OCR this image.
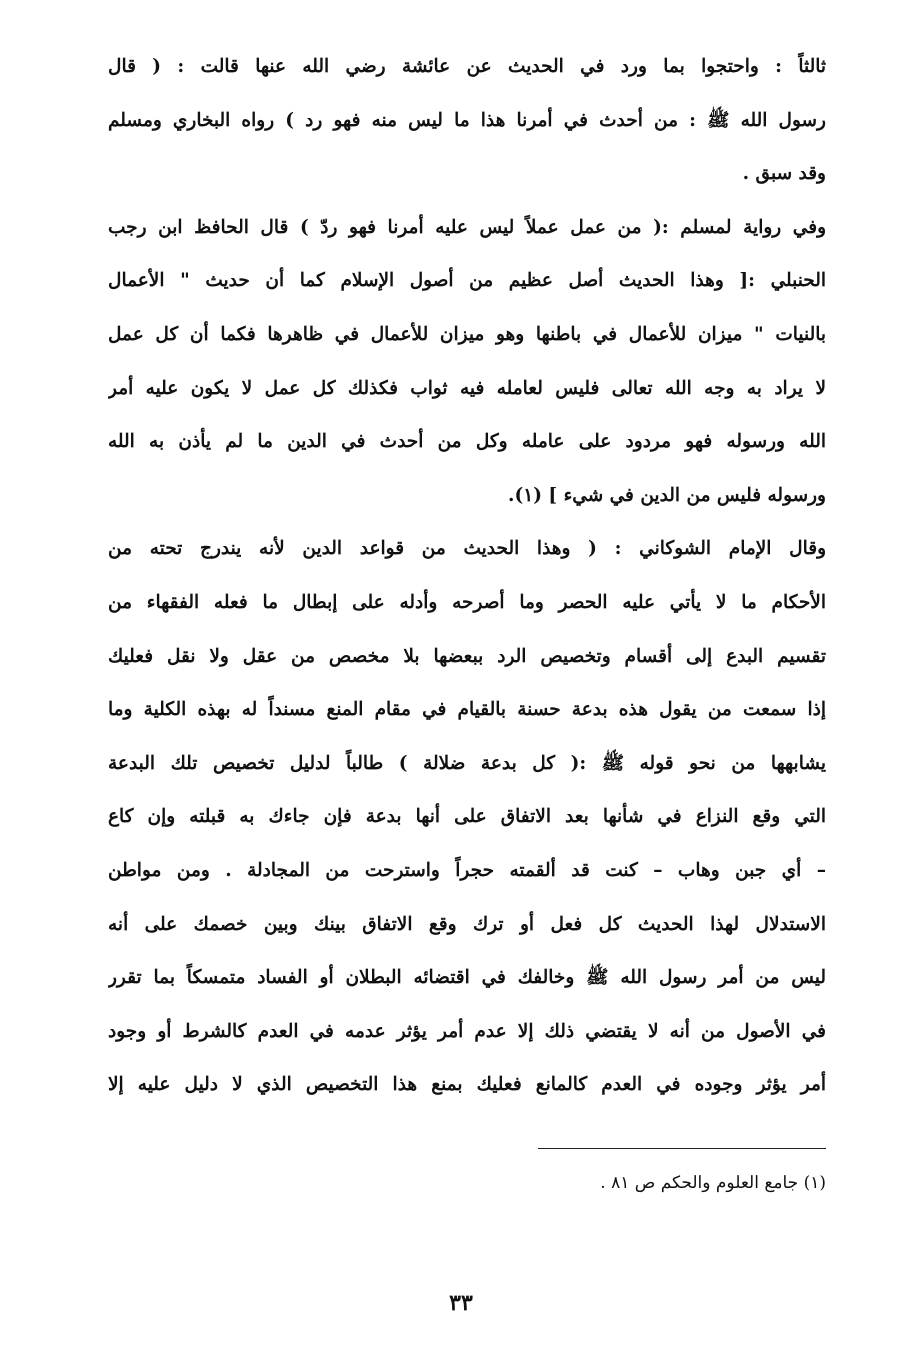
ثالثاً : واحتجوا بما ورد في الحديث عن عائشة رضي الله عنها قالت : ( قال
رسول الله ﷺ : من أحدث في أمرنا هذا ما ليس منه فهو رد ) رواه البخاري ومسلم
وقد سبق .
وفي رواية لمسلم :( من عمل عملاً ليس عليه أمرنا فهو ردّ ) قال الحافظ ابن رجب
الحنبلي :[ وهذا الحديث أصل عظيم من أصول الإسلام كما أن حديث " الأعمال
بالنيات " ميزان للأعمال في باطنها وهو ميزان للأعمال في ظاهرها فكما أن كل عمل
لا يراد به وجه الله تعالى فليس لعامله فيه ثواب فكذلك كل عمل لا يكون عليه أمر
الله ورسوله فهو مردود على عامله وكل من أحدث في الدين ما لم يأذن به الله
ورسوله فليس من الدين في شيء ] (١).
وقال الإمام الشوكاني : ( وهذا الحديث من قواعد الدين لأنه يندرج تحته من
الأحكام ما لا يأتي عليه الحصر وما أصرحه وأدله على إبطال ما فعله الفقهاء من
تقسيم البدع إلى أقسام وتخصيص الرد ببعضها بلا مخصص من عقل ولا نقل فعليك
إذا سمعت من يقول هذه بدعة حسنة بالقيام في مقام المنع مسنداً له بهذه الكلية وما
يشابهها من نحو قوله ﷺ :( كل بدعة ضلالة ) طالباً لدليل تخصيص تلك البدعة
التي وقع النزاع في شأنها بعد الاتفاق على أنها بدعة فإن جاءك به قبلته وإن كاع
– أي جبن وهاب – كنت قد ألقمته حجراً واسترحت من المجادلة . ومن مواطن
الاستدلال لهذا الحديث كل فعل أو ترك وقع الاتفاق بينك وبين خصمك على أنه
ليس من أمر رسول الله ﷺ وخالفك في اقتضائه البطلان أو الفساد متمسكاً بما تقرر
في الأصول من أنه لا يقتضي ذلك إلا عدم أمر يؤثر عدمه في العدم كالشرط أو وجود
أمر يؤثر وجوده في العدم كالمانع فعليك بمنع هذا التخصيص الذي لا دليل عليه إلا
(١) جامع العلوم والحكم ص ٨١ .
٣٣
